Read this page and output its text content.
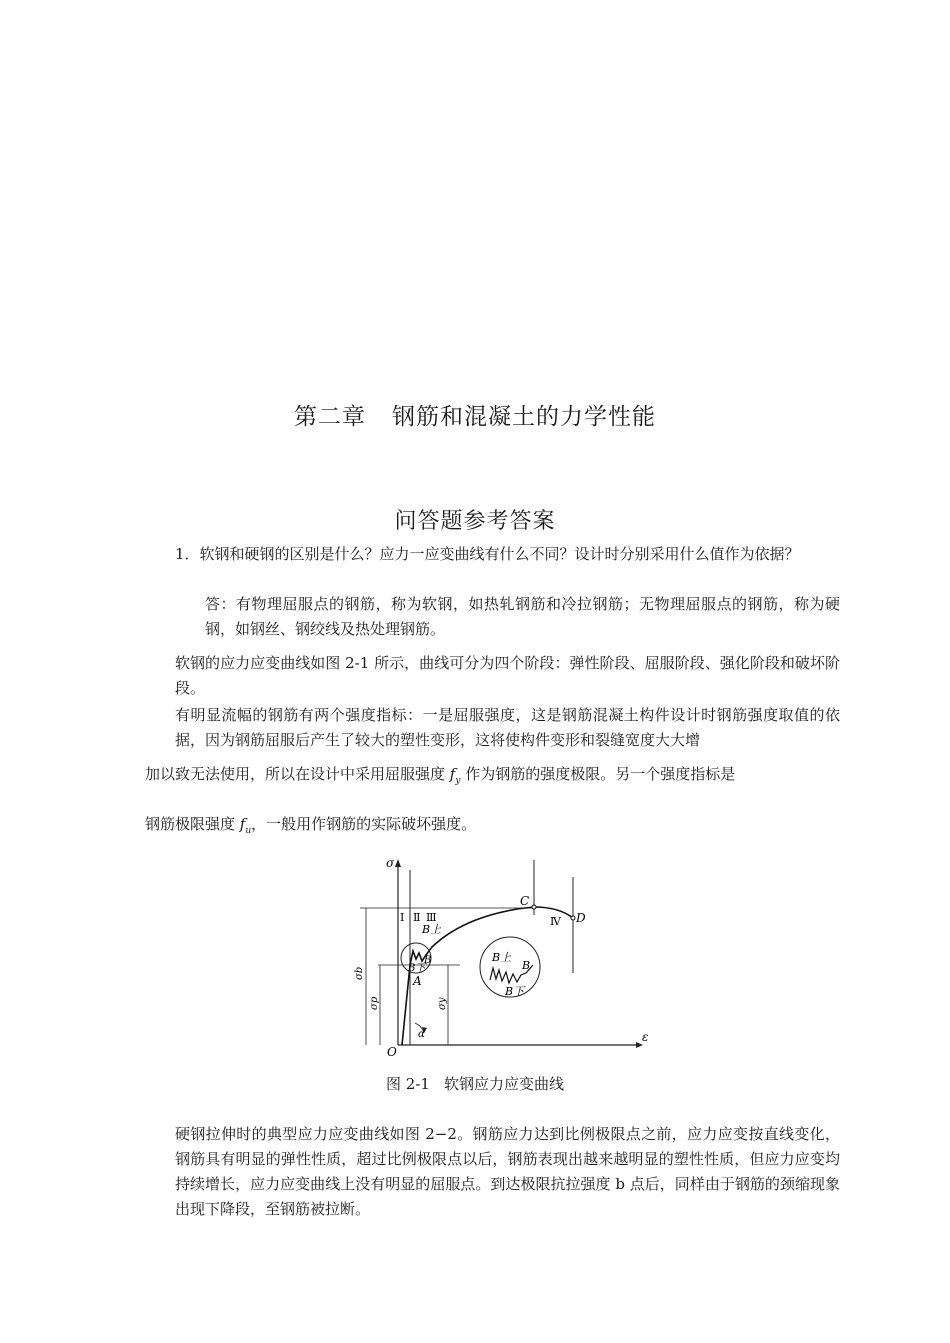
第二章 钢筋和混凝土的力学性能
问答题参考答案
1．软钢和硬钢的区别是什么？应力一应变曲线有什么不同？设计时分别采用什么值作为依据？
答：有物理屈服点的钢筋，称为软钢，如热轧钢筋和冷拉钢筋；无物理屈服点的钢筋，称为硬钢，如钢丝、钢绞线及热处理钢筋。
软钢的应力应变曲线如图 2-1 所示，曲线可分为四个阶段：弹性阶段、屈服阶段、强化阶段和破坏阶段。
有明显流幅的钢筋有两个强度指标：一是屈服强度，这是钢筋混凝土构件设计时钢筋强度取值的依据，因为钢筋屈服后产生了较大的塑性变形，这将使构件变形和裂缝宽度大大增
加以致无法使用，所以在设计中采用屈服强度 $f_y$ 作为钢筋的强度极限。另一个强度指标是
钢筋极限强度 $f_u$，一般用作钢筋的实际破坏强度。
σ
ε
O
Ⅰ Ⅱ Ⅲ	Ⅳ
C
D
A
B上
B下
B	B上
B
B下
σb
σp	σy
α
图 2-1 软钢应力应变曲线
硬钢拉伸时的典型应力应变曲线如图 2−2。钢筋应力达到比例极限点之前，应力应变按直线变化，钢筋具有明显的弹性性质，超过比例极限点以后，钢筋表现出越来越明显的塑性性质，但应力应变均持续增长，应力应变曲线上没有明显的屈服点。到达极限抗拉强度 b 点后，同样由于钢筋的颈缩现象出现下降段，至钢筋被拉断。
